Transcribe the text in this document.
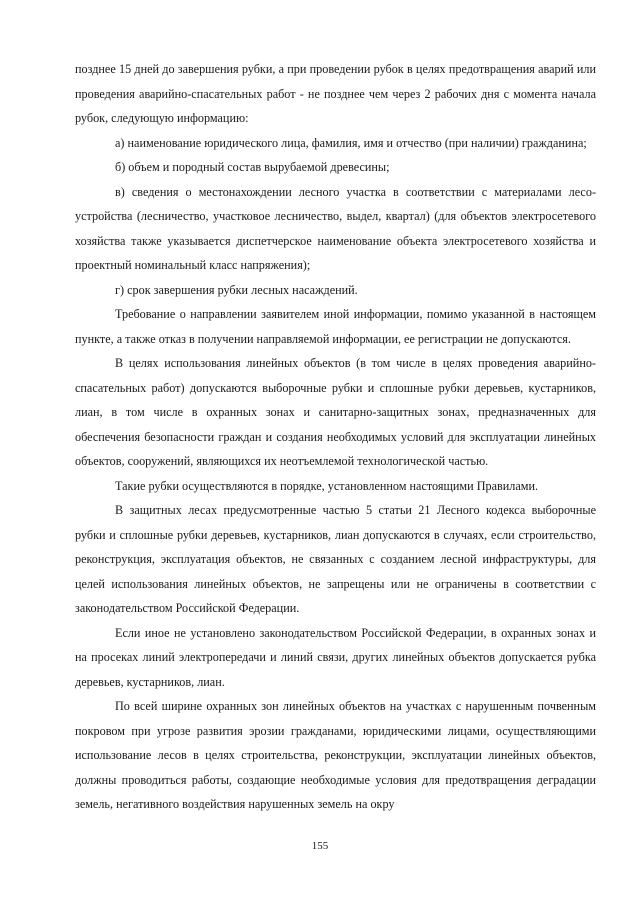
позднее 15 дней до завершения рубки, а при проведении рубок в целях предотвращения аварий или проведения аварийно-спасательных работ - не позднее чем через 2 рабочих дня с момента начала рубок, следующую информацию:

а) наименование юридического лица, фамилия, имя и отчество (при наличии) гражданина;

б) объем и породный состав вырубаемой древесины;

в) сведения о местонахождении лесного участка в соответствии с материалами лесоустройства (лесничество, участковое лесничество, выдел, квартал) (для объектов электросетевого хозяйства также указывается диспетчерское наименование объекта электросетевого хозяйства и проектный номинальный класс напряжения);

г) срок завершения рубки лесных насаждений.

Требование о направлении заявителем иной информации, помимо указанной в настоящем пункте, а также отказ в получении направляемой информации, ее регистрации не допускаются.

В целях использования линейных объектов (в том числе в целях проведения аварийно-спасательных работ) допускаются выборочные рубки и сплошные рубки деревьев, кустарников, лиан, в том числе в охранных зонах и санитарно-защитных зонах, предназначенных для обеспечения безопасности граждан и создания необходимых условий для эксплуатации линейных объектов, сооружений, являющихся их неотъемлемой технологической частью.

Такие рубки осуществляются в порядке, установленном настоящими Правилами.

В защитных лесах предусмотренные частью 5 статьи 21 Лесного кодекса выборочные рубки и сплошные рубки деревьев, кустарников, лиан допускаются в случаях, если строительство, реконструкция, эксплуатация объектов, не связанных с созданием лесной инфраструктуры, для целей использования линейных объектов, не запрещены или не ограничены в соответствии с законодательством Российской Федерации.

Если иное не установлено законодательством Российской Федерации, в охранных зонах и на просеках линий электропередачи и линий связи, других линейных объектов допускается рубка деревьев, кустарников, лиан.

По всей ширине охранных зон линейных объектов на участках с нарушенным почвенным покровом при угрозе развития эрозии гражданами, юридическими лицами, осуществляющими использование лесов в целях строительства, реконструкции, эксплуатации линейных объектов, должны проводиться работы, создающие необходимые условия для предотвращения деградации земель, негативного воздействия нарушенных земель на окру

155
